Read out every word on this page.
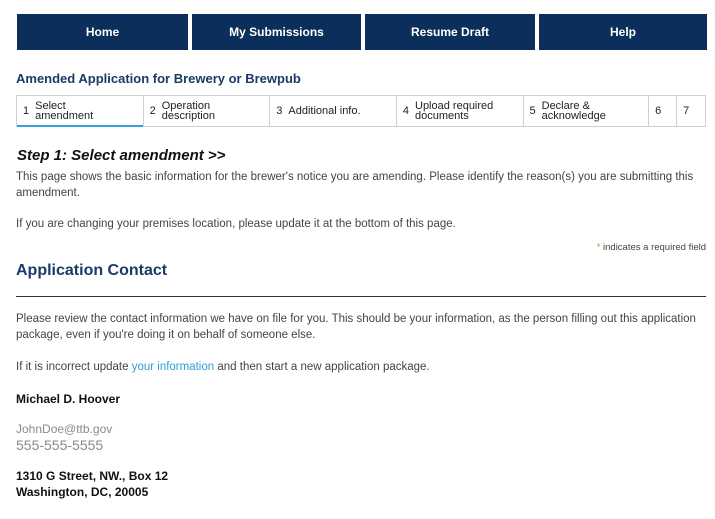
Home	My Submissions	Resume Draft	Help
Amended Application for Brewery or Brewpub
1 Select amendment	2 Operation description	3 Additional info.	4 Upload required documents	5 Declare & acknowledge	6 7
Step 1: Select amendment >>
This page shows the basic information for the brewer's notice you are amending. Please identify the reason(s) you are submitting this amendment.
If you are changing your premises location, please update it at the bottom of this page.
* indicates a required field
Application Contact
Please review the contact information we have on file for you. This should be your information, as the person filling out this application package, even if you're doing it on behalf of someone else.
If it is incorrect update your information and then start a new application package.
Michael D. Hoover
JohnDoe@ttb.gov
555-555-5555
1310 G Street, NW., Box 12
Washington, DC, 20005
